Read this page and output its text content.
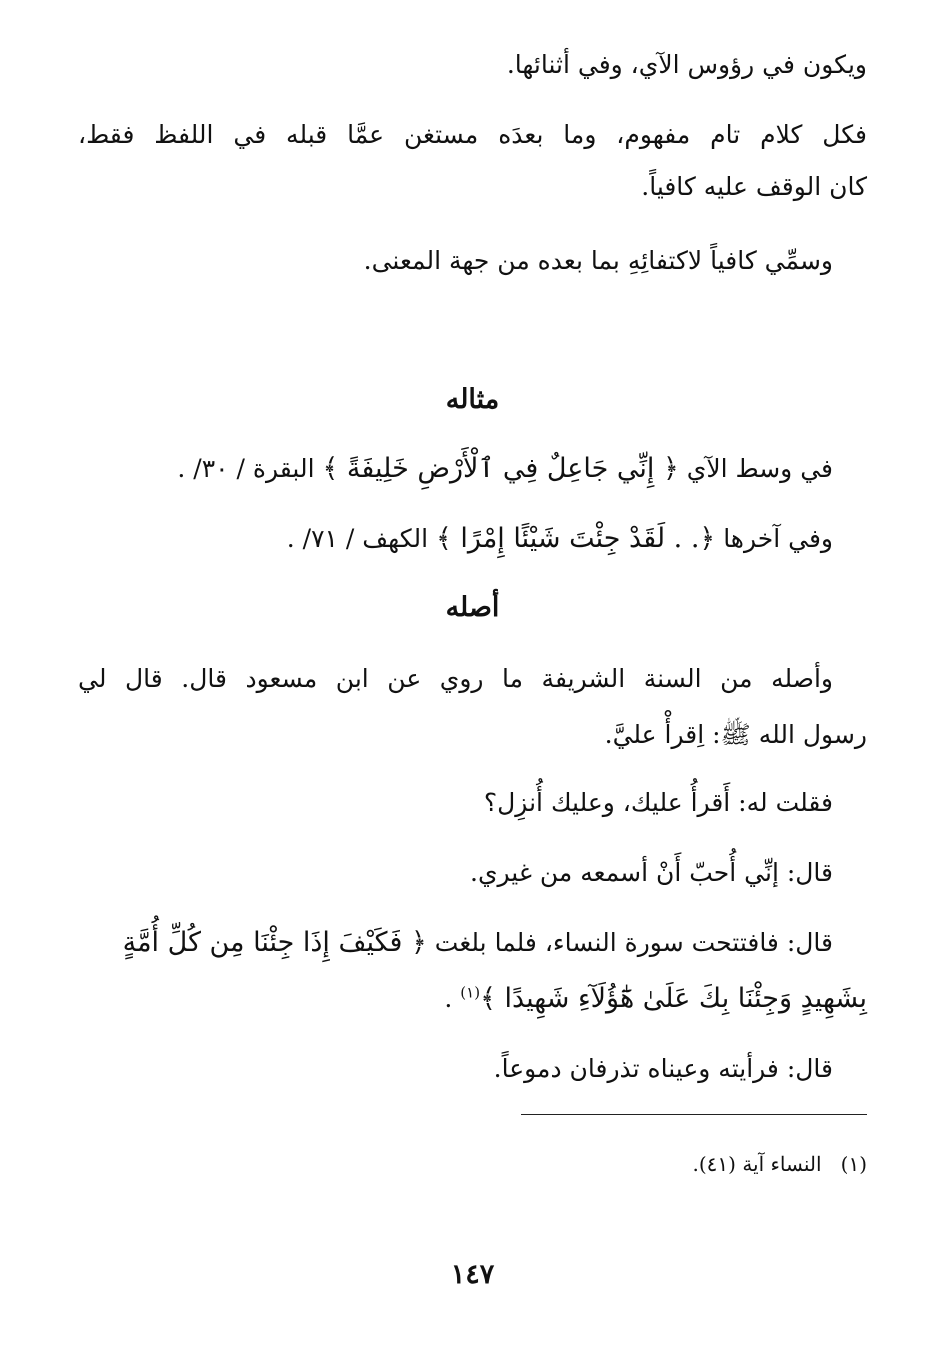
ويكون في رؤوس الآي، وفي أثنائها.
فكل كلام تام مفهوم، وما بعدَه مستغن عمَّا قبله في اللفظ فقط،
كان الوقف عليه كافياً.
وسمِّي كافياً لاكتفائِهِ بما بعده من جهة المعنى.
مثاله
في وسط الآي ﴿ إِنِّي جَاعِلٌ فِي ٱلْأَرْضِ خَلِيفَةً ﴾ البقرة / ٣٠/ .
وفي آخرها ﴿. . لَقَدْ جِئْتَ شَيْئًا إِمْرًا ﴾ الكهف / ٧١/ .
أصله
وأصله من السنة الشريفة ما روي عن ابن مسعود قال. قال لي
رسول الله ﷺ: اِقرأْ عليَّ.
فقلت له: أَقرأُ عليك، وعليك أُنزِل؟
قال: إنِّي أُحبّ أَنْ أسمعه من غيري.
قال: فافتتحت سورة النساء، فلما بلغت ﴿ فَكَيْفَ إِذَا جِئْنَا مِن كُلِّ أُمَّةٍ
بِشَهِيدٍ وَجِئْنَا بِكَ عَلَىٰ هَٰٓؤُلَآءِ شَهِيدًا ﴾$^{(١)}$ .
قال: فرأيته وعيناه تذرفان دموعاً.
(١)   النساء آية (٤١).
١٤٧
